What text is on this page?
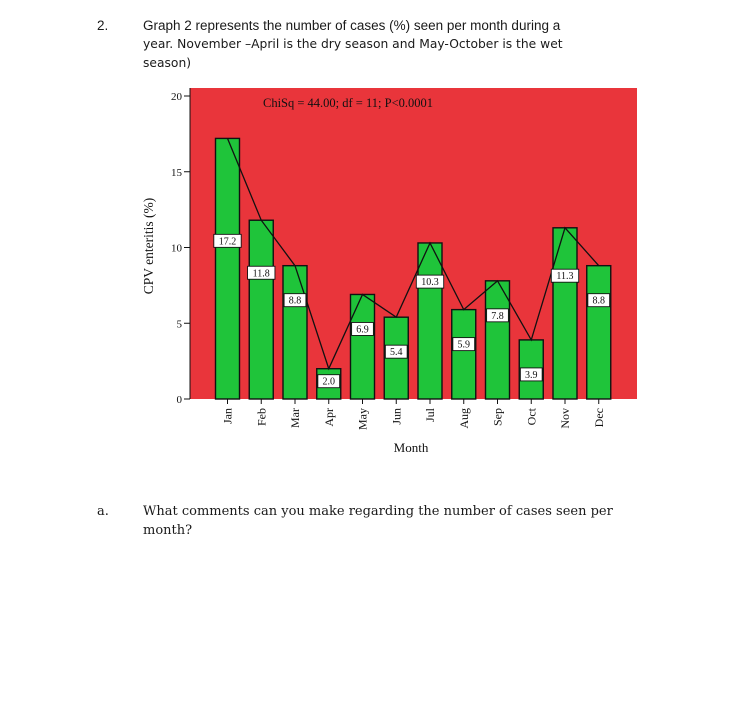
2.	Graph 2 represents the number of cases (%) seen per month during a
year. November –April is the dry season and May-October is the wet
season)
0
5
10
15
20
17.2
11.8
8.8
2.0
6.9
5.4
10.3
5.9
7.8
3.9
11.3
8.8
Jan Feb Mar Apr May Jun Jul Aug Sep Oct Nov Dec
ChiSq = 44.00; df = 11; P<0.0001
Month
CPV enteritis (%)
a.	What comments can you make regarding the number of cases seen per
month?
